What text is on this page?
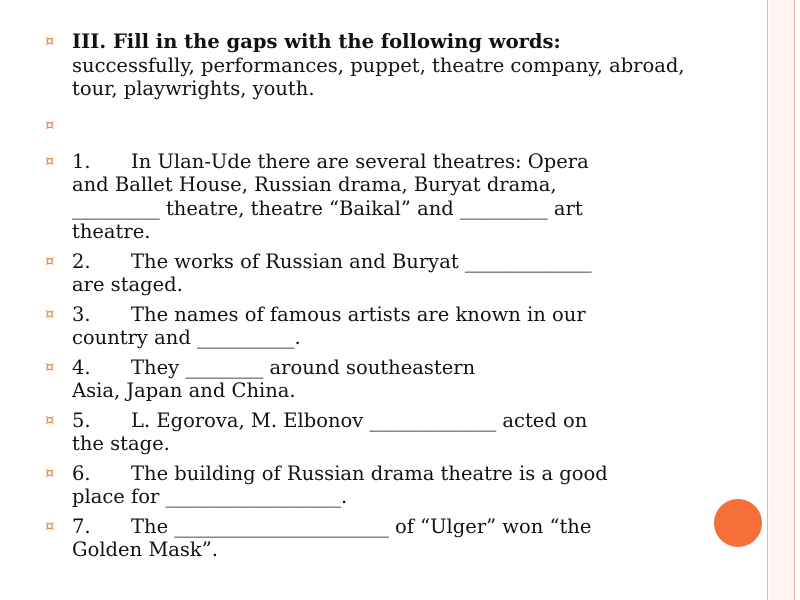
¤ III. Fill in the gaps with the following words:
successfully, performances, puppet, theatre company, abroad, tour, playwrights, youth.
¤
¤ 1. In Ulan-Ude there are several theatres: Opera
and Ballet House, Russian drama, Buryat drama,
_________ theatre, theatre “Baikal” and _________ art
theatre.
¤ 2. The works of Russian and Buryat _____________
are staged.
¤ 3. The names of famous artists are known in our
country and __________.
¤ 4. They ________ around southeastern
Asia, Japan and China.
¤ 5. L. Egorova, M. Elbonov _____________ acted on
the stage.
¤ 6. The building of Russian drama theatre is a good
place for __________________.
¤ 7. The ______________________ of “Ulger” won “the
Golden Mask”.
